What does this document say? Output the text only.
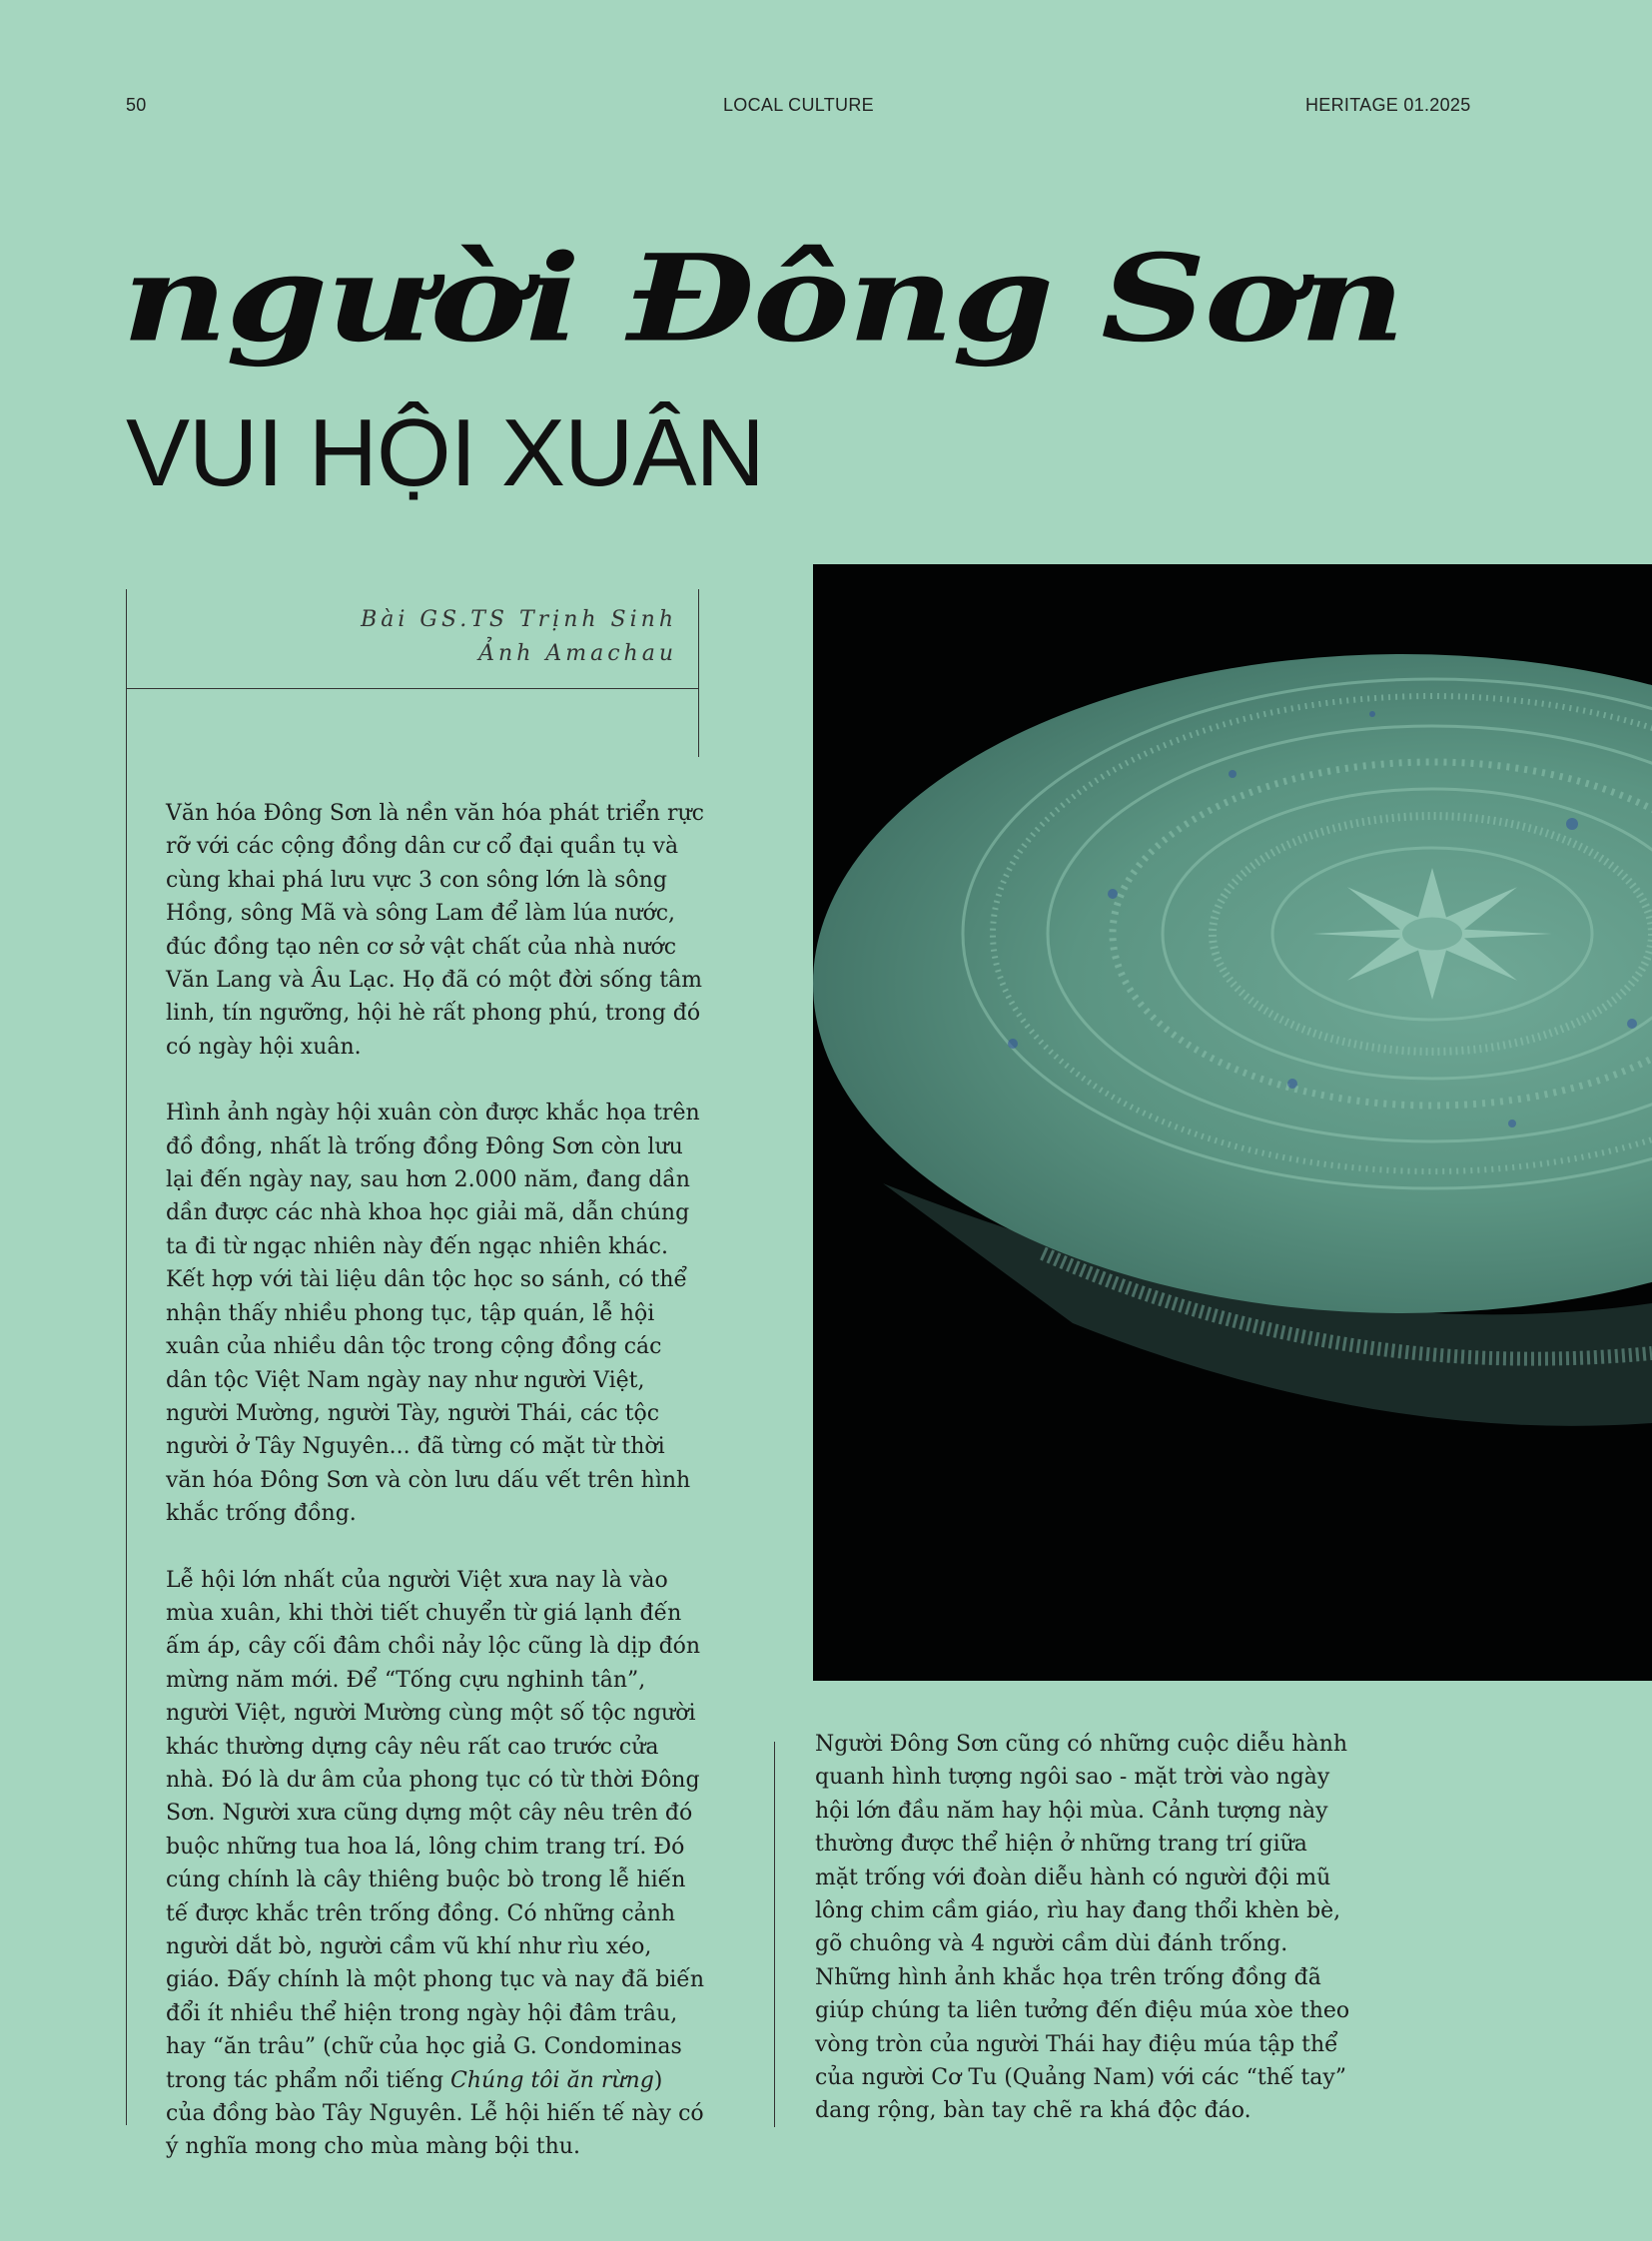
50	LOCAL CULTURE	HERITAGE 01.2025
người Đông Sơn
VUI HỘI XUÂN
Bài GS.TS Trịnh Sinh
Ảnh Amachau

Văn hóa Đông Sơn là nền văn hóa phát triển rực rỡ với các cộng đồng dân cư cổ đại quần tụ và cùng khai phá lưu vực 3 con sông lớn là sông Hồng, sông Mã và sông Lam để làm lúa nước, đúc đồng tạo nên cơ sở vật chất của nhà nước Văn Lang và Âu Lạc. Họ đã có một đời sống tâm linh, tín ngưỡng, hội hè rất phong phú, trong đó có ngày hội xuân.

Hình ảnh ngày hội xuân còn được khắc họa trên đồ đồng, nhất là trống đồng Đông Sơn còn lưu lại đến ngày nay, sau hơn 2.000 năm, đang dần dần được các nhà khoa học giải mã, dẫn chúng ta đi từ ngạc nhiên này đến ngạc nhiên khác. Kết hợp với tài liệu dân tộc học so sánh, có thể nhận thấy nhiều phong tục, tập quán, lễ hội xuân của nhiều dân tộc trong cộng đồng các dân tộc Việt Nam ngày nay như người Việt, người Mường, người Tày, người Thái, các tộc người ở Tây Nguyên... đã từng có mặt từ thời văn hóa Đông Sơn và còn lưu dấu vết trên hình khắc trống đồng.

Lễ hội lớn nhất của người Việt xưa nay là vào mùa xuân, khi thời tiết chuyển từ giá lạnh đến ấm áp, cây cối đâm chồi nảy lộc cũng là dịp đón mừng năm mới. Để “Tống cựu nghinh tân”, người Việt, người Mường cùng một số tộc người khác thường dựng cây nêu rất cao trước cửa nhà. Đó là dư âm của phong tục có từ thời Đông Sơn. Người xưa cũng dựng một cây nêu trên đó buộc những tua hoa lá, lông chim trang trí. Đó cúng chính là cây thiêng buộc bò trong lễ hiến tế được khắc trên trống đồng. Có những cảnh người dắt bò, người cầm vũ khí như rìu xéo, giáo. Đấy chính là một phong tục và nay đã biến đổi ít nhiều thể hiện trong ngày hội đâm trâu, hay “ăn trâu” (chữ của học giả G. Condominas trong tác phẩm nổi tiếng Chúng tôi ăn rừng) của đồng bào Tây Nguyên. Lễ hội hiến tế này có ý nghĩa mong cho mùa màng bội thu.

Người Đông Sơn cũng có những cuộc diễu hành quanh hình tượng ngôi sao - mặt trời vào ngày hội lớn đầu năm hay hội mùa. Cảnh tượng này thường được thể hiện ở những trang trí giữa mặt trống với đoàn diễu hành có người đội mũ lông chim cầm giáo, rìu hay đang thổi khèn bè, gõ chuông và 4 người cầm dùi đánh trống. Những hình ảnh khắc họa trên trống đồng đã giúp chúng ta liên tưởng đến điệu múa xòe theo vòng tròn của người Thái hay điệu múa tập thể của người Cơ Tu (Quảng Nam) với các “thế tay” dang rộng, bàn tay chẽ ra khá độc đáo.
